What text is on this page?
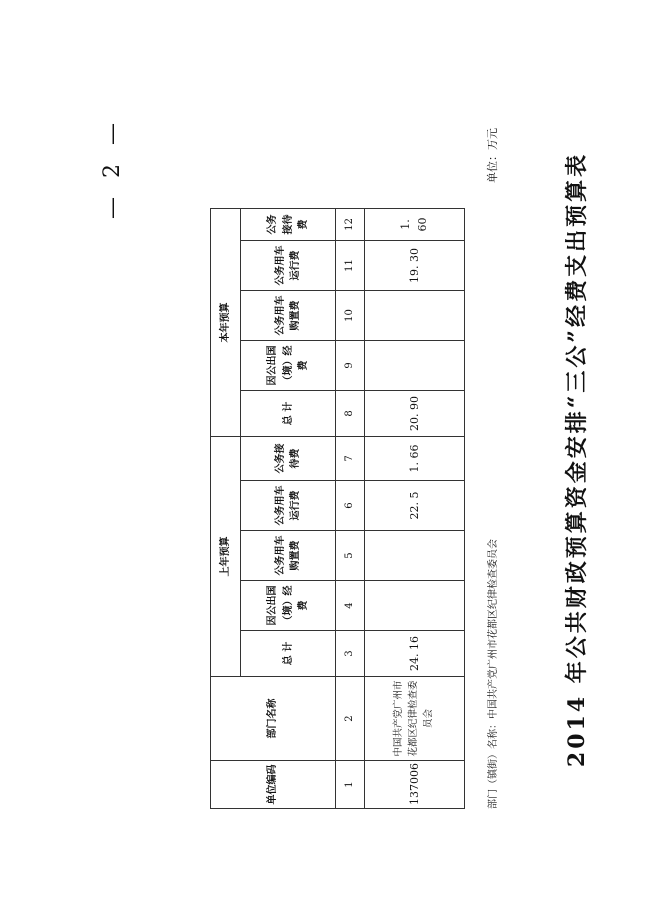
— 2 —
单位编码	部门名称	上年预算					本年预算				
		总 计	因公出国（境）经费	公务用车购置费	公务用车运行费	公务接待费	总 计	因公出国（境）经费	公务用车购置费	公务用车运行费	公务接待费
1	2	3	4	5	6	7	8	9	10	11	12
137006	中国共产党广州市花都区纪律检查委员会	24. 16			22. 5	1. 66	20. 90			19. 30	1. 60
部门（镇街）名称：中国共产党广州市花都区纪律检查委员会
单位：万元	2014 年公共财政预算资金安排“三公”经费支出预算表
